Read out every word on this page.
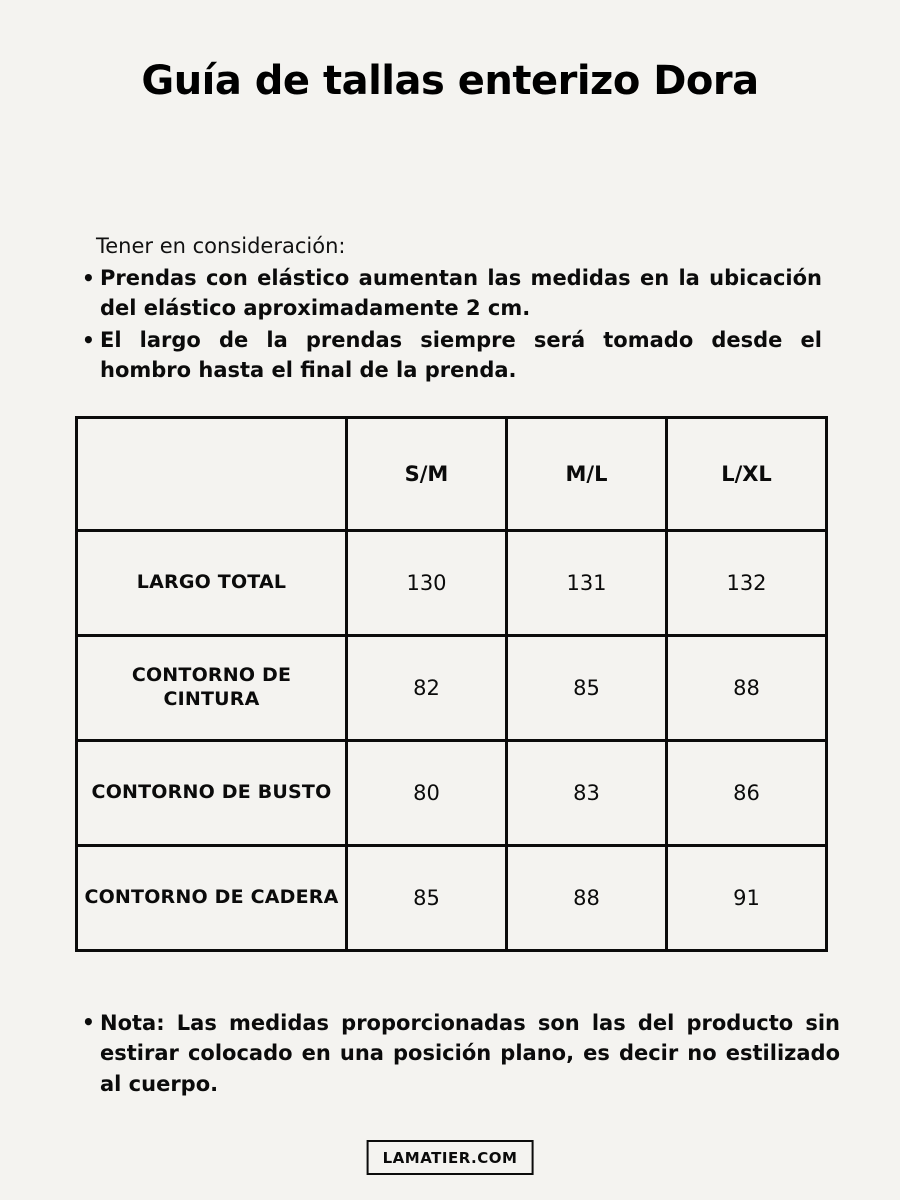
Guía de tallas enterizo Dora
Tener en consideración:
• Prendas con elástico aumentan las medidas en la ubicación del elástico aproximadamente 2 cm.
• El largo de la prendas siempre será tomado desde el hombro hasta el final de la prenda.
	S/M	M/L	L/XL
LARGO TOTAL	130	131	132
CONTORNO DE CINTURA	82	85	88
CONTORNO DE BUSTO	80	83	86
CONTORNO DE CADERA	85	88	91
• Nota: Las medidas proporcionadas son las del producto sin estirar colocado en una posición plano, es decir no estilizado al cuerpo.
LAMATIER.COM
